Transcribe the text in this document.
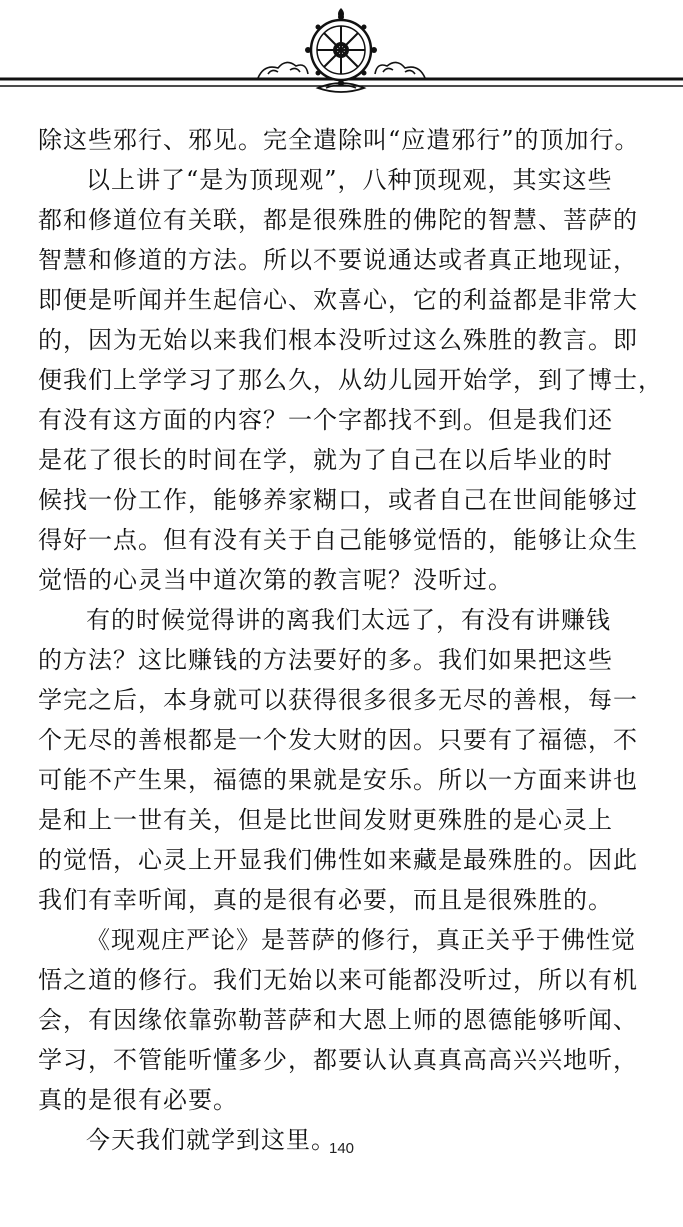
除这些邪行、邪见。完全遣除叫“应遣邪行”的顶加行。
以上讲了“是为顶现观”，八种顶现观，其实这些
都和修道位有关联，都是很殊胜的佛陀的智慧、菩萨的
智慧和修道的方法。所以不要说通达或者真正地现证，
即便是听闻并生起信心、欢喜心，它的利益都是非常大
的，因为无始以来我们根本没听过这么殊胜的教言。即
便我们上学学习了那么久，从幼儿园开始学，到了博士，
有没有这方面的内容？一个字都找不到。但是我们还
是花了很长的时间在学，就为了自己在以后毕业的时
候找一份工作，能够养家糊口，或者自己在世间能够过
得好一点。但有没有关于自己能够觉悟的，能够让众生
觉悟的心灵当中道次第的教言呢？没听过。
有的时候觉得讲的离我们太远了，有没有讲赚钱
的方法？这比赚钱的方法要好的多。我们如果把这些
学完之后，本身就可以获得很多很多无尽的善根，每一
个无尽的善根都是一个发大财的因。只要有了福德，不
可能不产生果，福德的果就是安乐。所以一方面来讲也
是和上一世有关，但是比世间发财更殊胜的是心灵上
的觉悟，心灵上开显我们佛性如来藏是最殊胜的。因此
我们有幸听闻，真的是很有必要，而且是很殊胜的。
《现观庄严论》是菩萨的修行，真正关乎于佛性觉
悟之道的修行。我们无始以来可能都没听过，所以有机
会，有因缘依靠弥勒菩萨和大恩上师的恩德能够听闻、
学习，不管能听懂多少，都要认认真真高高兴兴地听，
真的是很有必要。
今天我们就学到这里。
140
